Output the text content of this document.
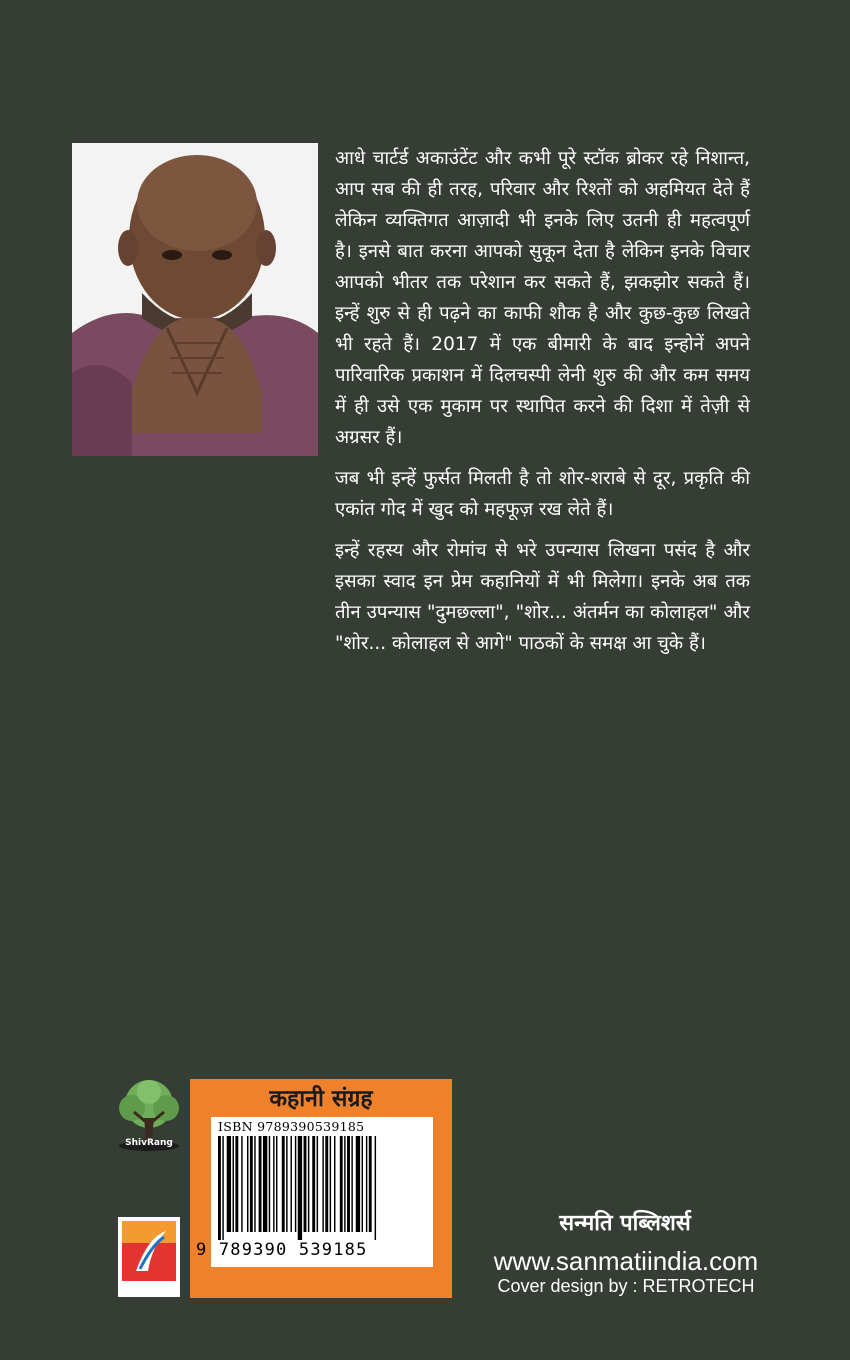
आधे चार्टर्ड अकाउंटेंट और कभी पूरे स्टॉक ब्रोकर रहे निशान्त, आप सब की ही तरह, परिवार और रिश्तों को अहमियत देते हैं लेकिन व्यक्तिगत आज़ादी भी इनके लिए उतनी ही महत्वपूर्ण है। इनसे बात करना आपको सुकून देता है लेकिन इनके विचार आपको भीतर तक परेशान कर सकते हैं, झकझोर सकते हैं। इन्हें शुरु से ही पढ़ने का काफी शौक है और कुछ-कुछ लिखते भी रहते हैं। 2017 में एक बीमारी के बाद इन्होनें अपने पारिवारिक प्रकाशन में दिलचस्पी लेनी शुरु की और कम समय में ही उसे एक मुकाम पर स्थापित करने की दिशा में तेज़ी से अग्रसर हैं।

जब भी इन्हें फुर्सत मिलती है तो शोर-शराबे से दूर, प्रकृति की एकांत गोद में खुद को महफूज़ रख लेते हैं।

इन्हें रहस्य और रोमांच से भरे उपन्यास लिखना पसंद है और इसका स्वाद इन प्रेम कहानियों में भी मिलेगा। इनके अब तक तीन उपन्यास "दुमछल्ला", "शोर... अंतर्मन का कोलाहल" और "शोर... कोलाहल से आगे" पाठकों के समक्ष आ चुके हैं।

ShivRang
कहानी संग्रह
ISBN 9789390539185
9 789390 539185
सन्मति पब्लिशर्स
www.sanmatiindia.com
Cover design by : RETROTECH
